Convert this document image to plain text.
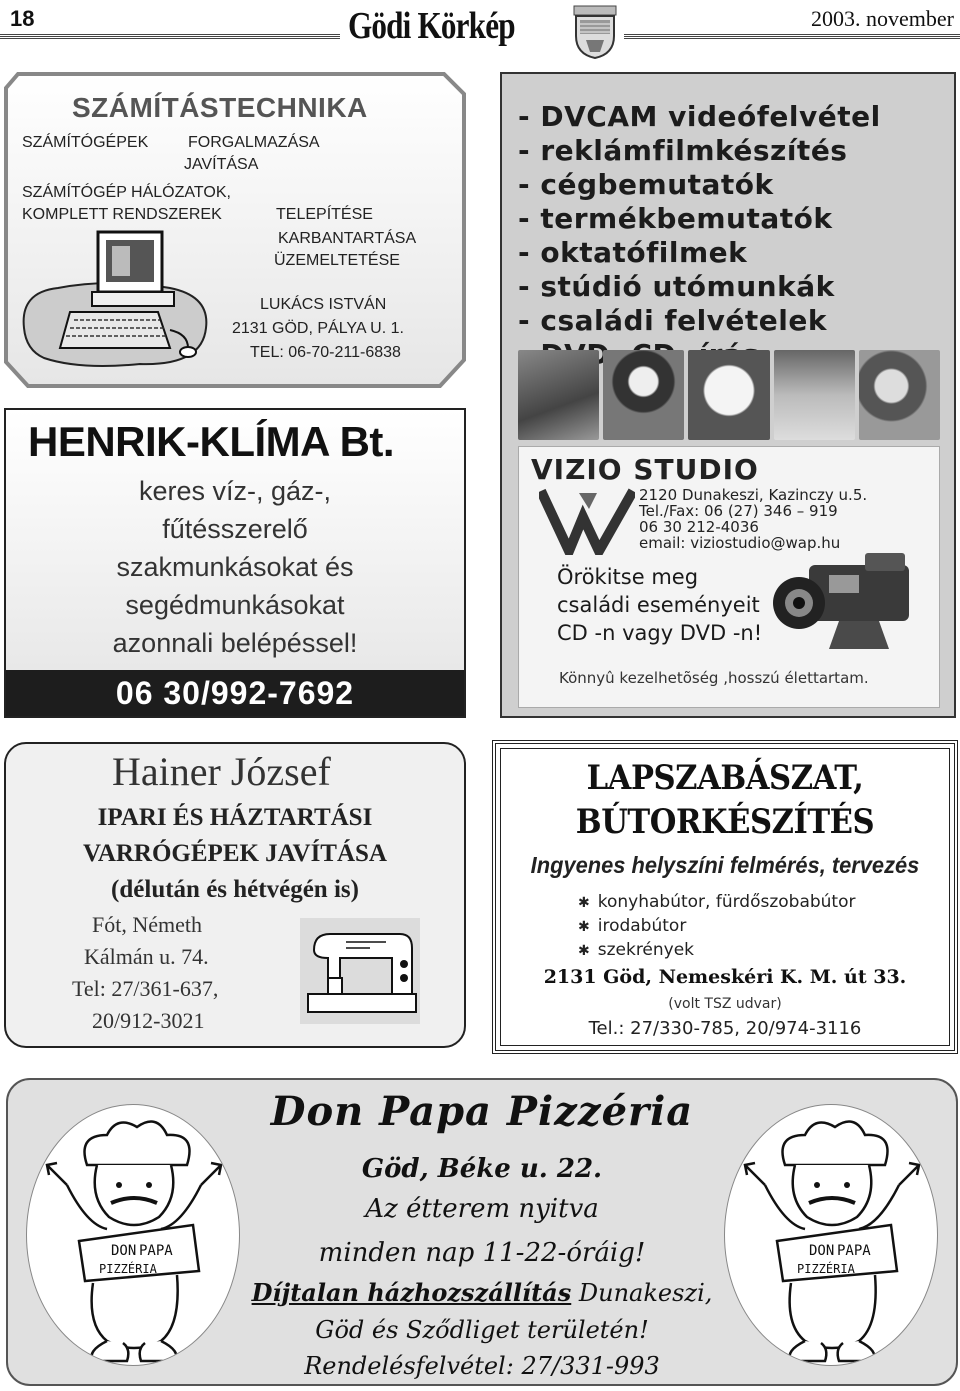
18	Gödi Körkép	2003. november
SZÁMÍTÁSTECHNIKA
SZÁMÍTÓGÉPEK FORGALMAZÁSA
JAVÍTÁSA
SZÁMÍTÓGÉP HÁLÓZATOK,
KOMPLETT RENDSZEREK	TELEPÍTÉSE
KARBANTARTÁSA
ÜZEMELTETÉSE
LUKÁCS ISTVÁN
2131 GÖD, PÁLYA U. 1.
TEL: 06-70-211-6838
HENRIK-KLÍMA Bt.
keres víz-, gáz-,
fűtésszerelő
szakmunkásokat és
segédmunkásokat
azonnali belépéssel!
06 30/992-7692
- DVCAM videófelvétel
- reklámfilmkészítés
- cégbemutatók
- termékbemutatók
- oktatófilmek
- stúdió utómunkák
- családi felvételek
VIZIO STUDIO
2120 Dunakeszi, Kazinczy u.5.
Tel./Fax: 06 (27) 346 – 919
06 30 212-4036
email: viziostudio@wap.hu
Örökitse meg
családi eseményeit
CD -n vagy DVD -n!
Könnyû kezelhetõség ,hosszú élettartam.
Hainer József
IPARI ÉS HÁZTARTÁSI
VARRÓGÉPEK JAVÍTÁSA
(délután és hétvégén is)
Fót, Németh
Kálmán u. 74.
Tel: 27/361-637,
20/912-3021
LAPSZABÁSZAT,
BÚTORKÉSZÍTÉS
Ingyenes helyszíni felmérés, tervezés
✱ konyhabútor, fürdőszobabútor
✱ irodabútor
✱ szekrények
2131 Göd, Nemeskéri K. M. út 33.
(volt TSZ udvar)
Tel.: 27/330-785, 20/974-3116
DON PAPA
PIZZÉRIA
Don Papa Pizzéria
Göd, Béke u. 22.
Az étterem nyitva
minden nap 11-22-óráig!
Díjtalan házhozszállítás Dunakeszi,
Göd és Sződliget területén!
Rendelésfelvétel: 27/331-993
DON PAPA
PIZZÉRIA
